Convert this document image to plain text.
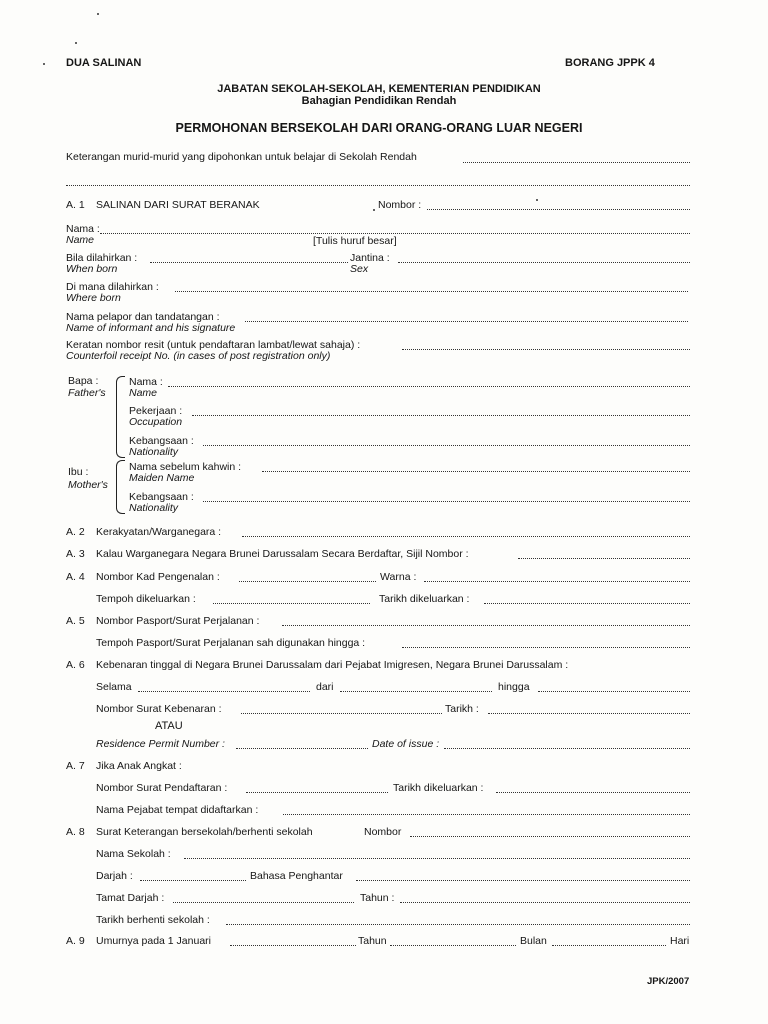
DUA SALINAN	BORANG JPPK 4
JABATAN SEKOLAH-SEKOLAH, KEMENTERIAN PENDIDIKAN
Bahagian Pendidikan Rendah
PERMOHONAN BERSEKOLAH DARI ORANG-ORANG LUAR NEGERI
Keterangan murid-murid yang dipohonkan untuk belajar di Sekolah Rendah
A. 1 SALINAN DARI SURAT BERANAK	Nombor :
Nama :
Name	[Tulis huruf besar]
Bila dilahirkan :	Jantina :
When born	Sex
Di mana dilahirkan :
Where born
Nama pelapor dan tandatangan :
Name of informant and his signature
Keratan nombor resit (untuk pendaftaran lambat/lewat sahaja) :
Counterfoil receipt No. (in cases of post registration only)
Bapa :
Father's
Nama :
Name
Pekerjaan :
Occupation
Kebangsaan :
Nationality
Ibu :
Mother's
Nama sebelum kahwin :
Maiden Name
Kebangsaan :
Nationality
A. 2 Kerakyatan/Warganegara :
A. 3 Kalau Warganegara Negara Brunei Darussalam Secara Berdaftar, Sijil Nombor :
A. 4 Nombor Kad Pengenalan :	Warna :
Tempoh dikeluarkan :	Tarikh dikeluarkan :
A. 5 Nombor Pasport/Surat Perjalanan :
Tempoh Pasport/Surat Perjalanan sah digunakan hingga :
A. 6 Kebenaran tinggal di Negara Brunei Darussalam dari Pejabat Imigresen, Negara Brunei Darussalam :
Selama	dari	hingga
Nombor Surat Kebenaran :	Tarikh :
ATAU
Residence Permit Number :	Date of issue :
A. 7 Jika Anak Angkat :
Nombor Surat Pendaftaran :	Tarikh dikeluarkan :
Nama Pejabat tempat didaftarkan :
A. 8 Surat Keterangan bersekolah/berhenti sekolah	Nombor
Nama Sekolah :
Darjah :	Bahasa Penghantar
Tamat Darjah :	Tahun :
Tarikh berhenti sekolah :
A. 9 Umurnya pada 1 Januari	Tahun	Bulan	Hari
JPK/2007
